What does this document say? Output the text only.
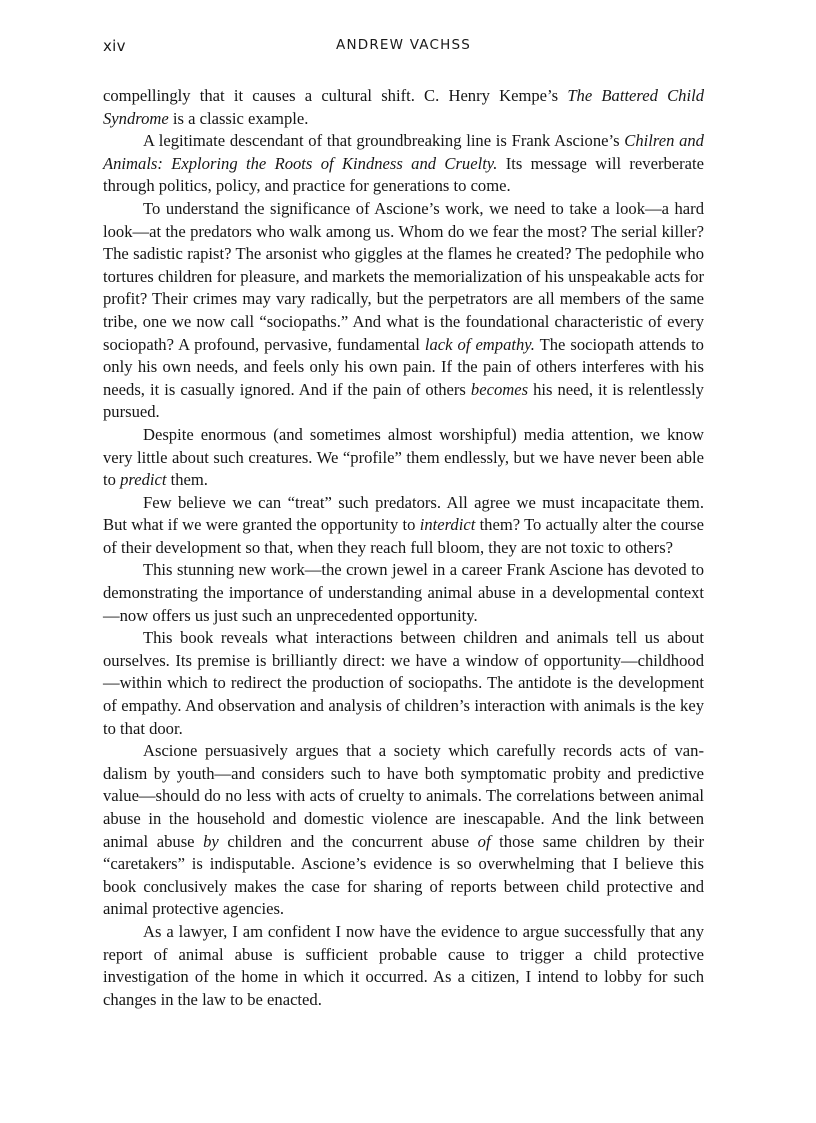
xiv	ANDREW VACHSS

compellingly that it causes a cultural shift. C. Henry Kempe’s The Battered Child Syndrome is a classic example.

A legitimate descendant of that groundbreaking line is Frank Ascione’s Chilren and Animals: Exploring the Roots of Kindness and Cruelty. Its message will reverberate through politics, policy, and practice for generations to come.

To understand the significance of Ascione’s work, we need to take a look—a hard look—at the predators who walk among us. Whom do we fear the most? The serial killer? The sadistic rapist? The arsonist who giggles at the flames he created? The pedophile who tortures children for pleasure, and markets the memorialization of his unspeakable acts for profit? Their crimes may vary radically, but the perpetrators are all members of the same tribe, one we now call “sociopaths.” And what is the foundational characteristic of every sociopath? A profound, pervasive, fundamental lack of empathy. The sociopath attends to only his own needs, and feels only his own pain. If the pain of others interferes with his needs, it is casually ignored. And if the pain of others becomes his need, it is relentlessly pursued.

Despite enormous (and sometimes almost worshipful) media attention, we know very little about such creatures. We “profile” them endlessly, but we have never been able to predict them.

Few believe we can “treat” such predators. All agree we must incapacitate them. But what if we were granted the opportunity to interdict them? To actually alter the course of their development so that, when they reach full bloom, they are not toxic to others?

This stunning new work—the crown jewel in a career Frank Ascione has devoted to demonstrating the importance of understanding animal abuse in a developmental context—now offers us just such an unprecedented opportunity.

This book reveals what interactions between children and animals tell us about ourselves. Its premise is brilliantly direct: we have a window of opportunity—childhood—within which to redirect the production of sociopaths. The antidote is the development of empathy. And observation and analysis of children’s interaction with animals is the key to that door.

Ascione persuasively argues that a society which carefully records acts of vandalism by youth—and considers such to have both symptomatic probity and predictive value—should do no less with acts of cruelty to animals. The correlations between animal abuse in the household and domestic violence are inescapable. And the link between animal abuse by children and the concurrent abuse of those same children by their “caretakers” is indisputable. Ascione’s evidence is so overwhelming that I believe this book conclusively makes the case for sharing of reports between child protective and animal protective agencies.

As a lawyer, I am confident I now have the evidence to argue successfully that any report of animal abuse is sufficient probable cause to trigger a child protective investigation of the home in which it occurred. As a citizen, I intend to lobby for such changes in the law to be enacted.
